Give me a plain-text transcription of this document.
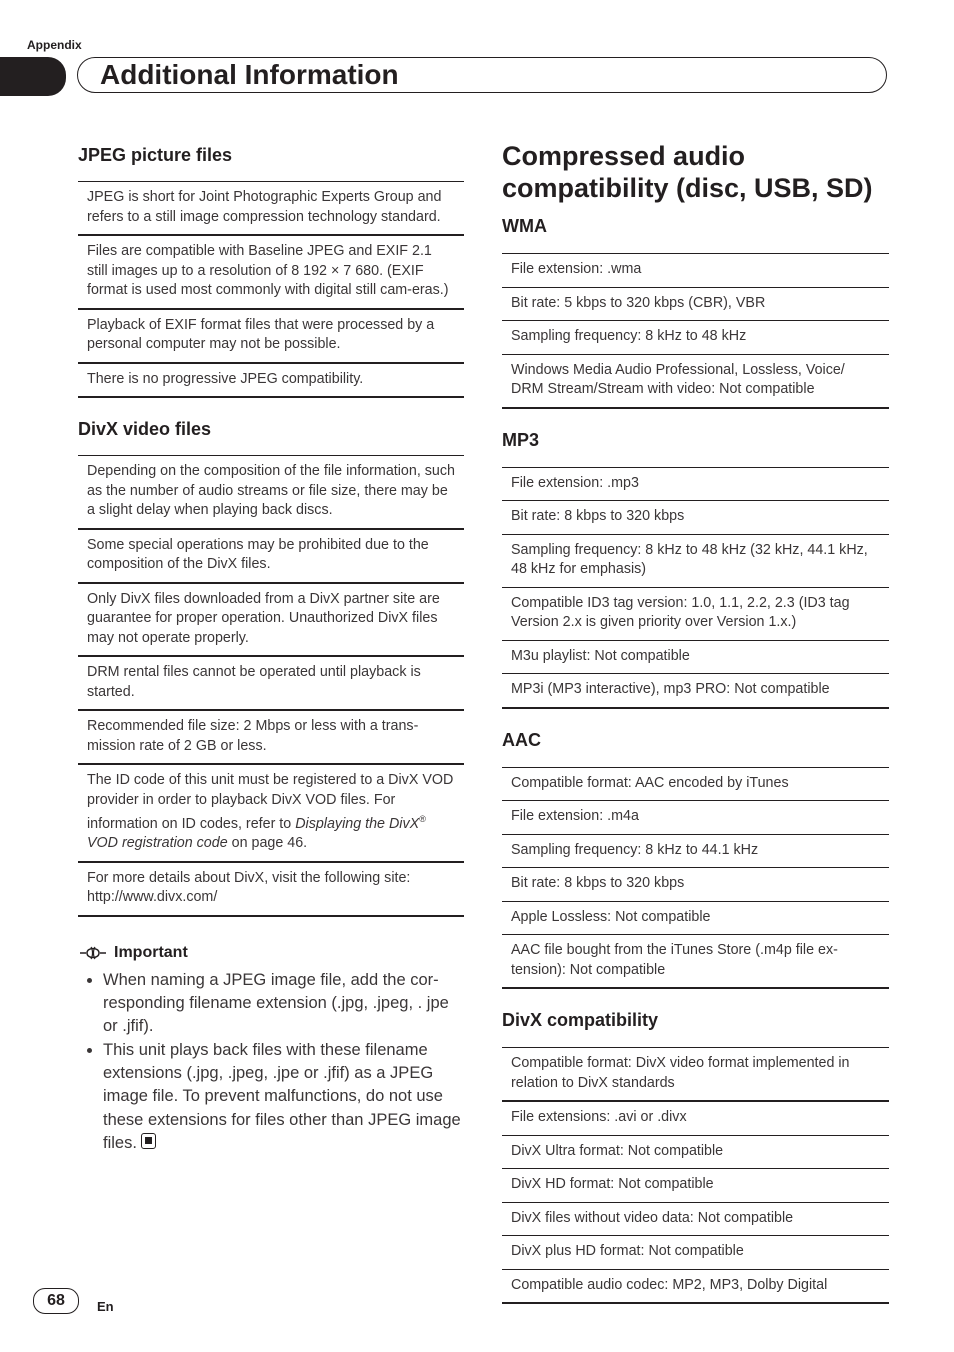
Appendix
Additional Information
JPEG picture files
JPEG is short for Joint Photographic Experts Group and refers to a still image compression technology standard.
Files are compatible with Baseline JPEG and EXIF 2.1 still images up to a resolution of 8 192 × 7 680. (EXIF format is used most commonly with digital still cam-eras.)
Playback of EXIF format files that were processed by a personal computer may not be possible.
There is no progressive JPEG compatibility.
DivX video files
Depending on the composition of the file information, such as the number of audio streams or file size, there may be a slight delay when playing back discs.
Some special operations may be prohibited due to the composition of the DivX files.
Only DivX files downloaded from a DivX partner site are guarantee for proper operation. Unauthorized DivX files may not operate properly.
DRM rental files cannot be operated until playback is started.
Recommended file size: 2 Mbps or less with a trans-mission rate of 2 GB or less.
The ID code of this unit must be registered to a DivX VOD provider in order to playback DivX VOD files. For information on ID codes, refer to Displaying the DivX® VOD registration code on page 46.
For more details about DivX, visit the following site: http://www.divx.com/
Important
• When naming a JPEG image file, add the cor-responding filename extension (.jpg, .jpeg, . jpe or .jfif).
• This unit plays back files with these filename extensions (.jpg, .jpeg, .jpe or .jfif) as a JPEG image file. To prevent malfunctions, do not use these extensions for files other than JPEG image files.
Compressed audio compatibility (disc, USB, SD)
WMA
File extension: .wma
Bit rate: 5 kbps to 320 kbps (CBR), VBR
Sampling frequency: 8 kHz to 48 kHz
Windows Media Audio Professional, Lossless, Voice/ DRM Stream/Stream with video: Not compatible
MP3
File extension: .mp3
Bit rate: 8 kbps to 320 kbps
Sampling frequency: 8 kHz to 48 kHz (32 kHz, 44.1 kHz, 48 kHz for emphasis)
Compatible ID3 tag version: 1.0, 1.1, 2.2, 2.3 (ID3 tag Version 2.x is given priority over Version 1.x.)
M3u playlist: Not compatible
MP3i (MP3 interactive), mp3 PRO: Not compatible
AAC
Compatible format: AAC encoded by iTunes
File extension: .m4a
Sampling frequency: 8 kHz to 44.1 kHz
Bit rate: 8 kbps to 320 kbps
Apple Lossless: Not compatible
AAC file bought from the iTunes Store (.m4p file ex-tension): Not compatible
DivX compatibility
Compatible format: DivX video format implemented in relation to DivX standards
File extensions: .avi or .divx
DivX Ultra format: Not compatible
DivX HD format: Not compatible
DivX files without video data: Not compatible
DivX plus HD format: Not compatible
Compatible audio codec: MP2, MP3, Dolby Digital
68	En
